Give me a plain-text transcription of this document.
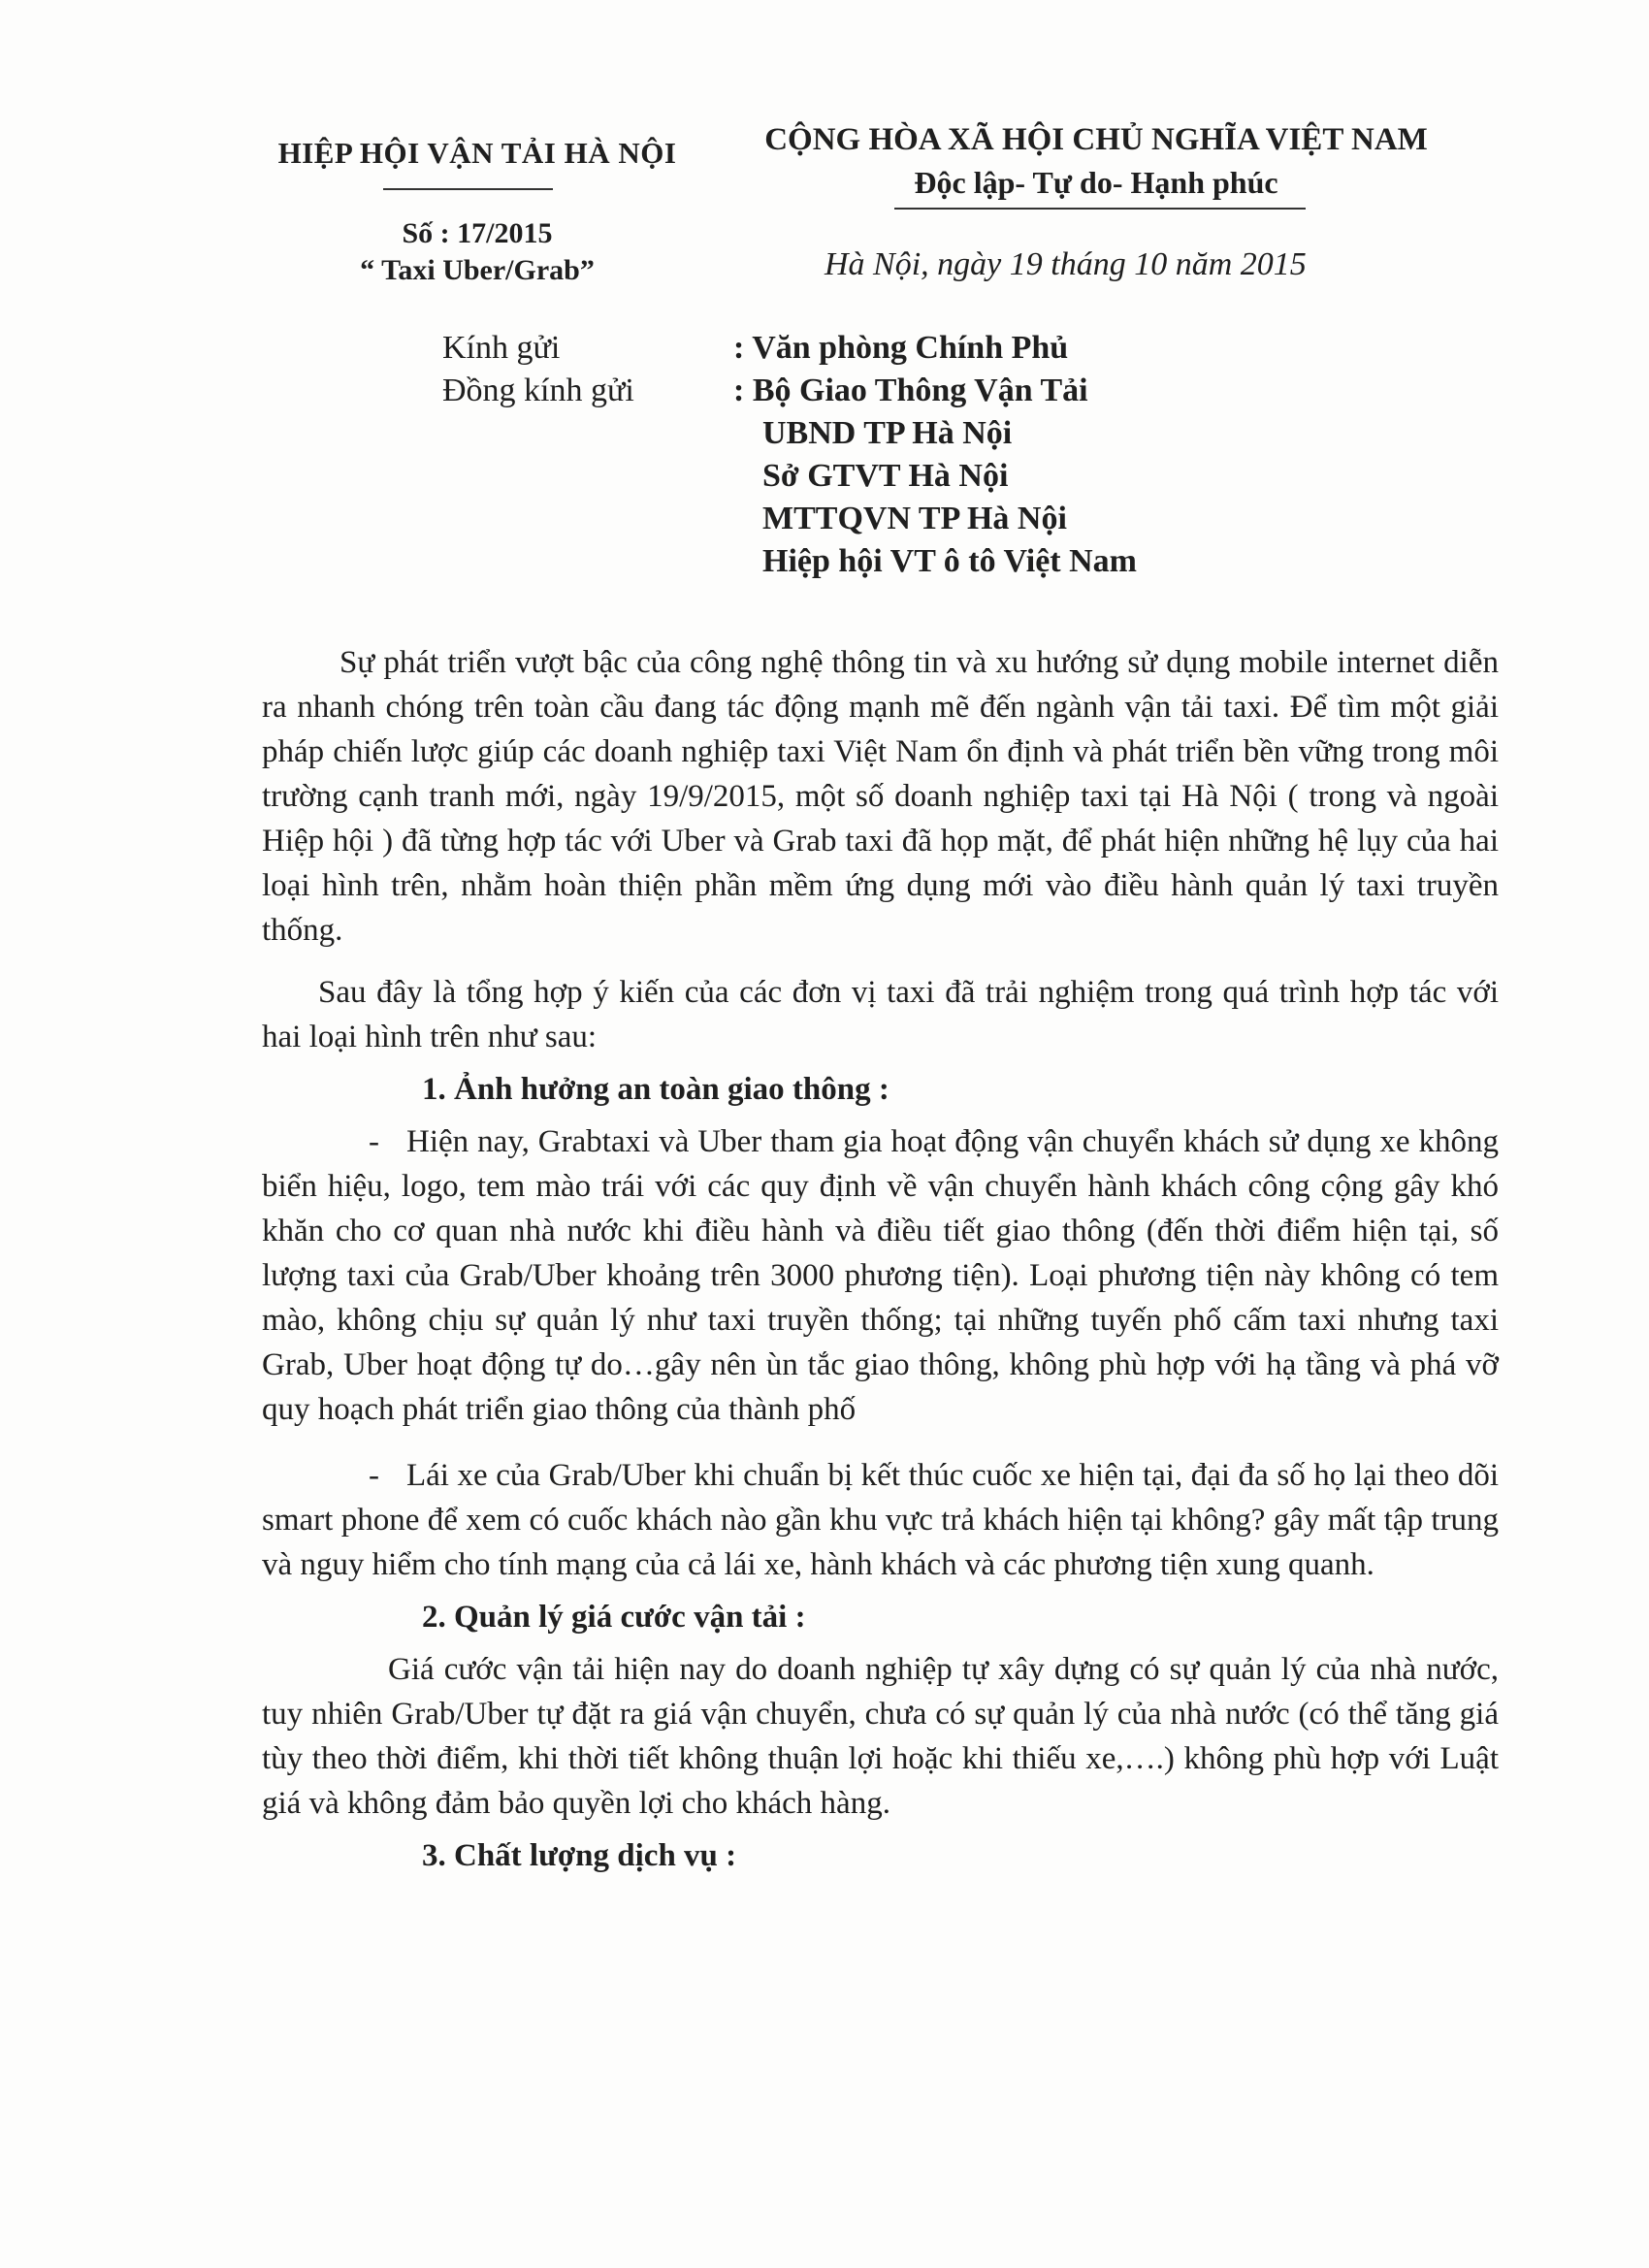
HIỆP HỘI VẬN TẢI HÀ NỘI
Số : 17/2015
“ Taxi Uber/Grab”
CỘNG HÒA XÃ HỘI CHỦ NGHĨA VIỆT NAM
Độc lập- Tự do- Hạnh phúc
Hà Nội, ngày 19 tháng 10 năm 2015
Kính gửi	: Văn phòng Chính Phủ
Đồng kính gửi	: Bộ Giao Thông Vận Tải
UBND TP Hà Nội
Sở GTVT Hà Nội
MTTQVN TP Hà Nội
Hiệp hội VT ô tô Việt Nam

Sự phát triển vượt bậc của công nghệ thông tin và xu hướng sử dụng mobile internet diễn ra nhanh chóng trên toàn cầu đang tác động mạnh mẽ đến ngành vận tải taxi. Để tìm một giải pháp chiến lược giúp các doanh nghiệp taxi Việt Nam ổn định và phát triển bền vững trong môi trường cạnh tranh mới, ngày 19/9/2015, một số doanh nghiệp taxi tại Hà Nội ( trong và ngoài Hiệp hội ) đã từng hợp tác với Uber và Grab taxi đã họp mặt, để phát hiện những hệ lụy của hai loại hình trên, nhằm hoàn thiện phần mềm ứng dụng mới vào điều hành quản lý taxi truyền thống.

Sau đây là tổng hợp ý kiến của các đơn vị taxi đã trải nghiệm trong quá trình hợp tác với hai loại hình trên như sau:

1. Ảnh hưởng an toàn giao thông :

- Hiện nay, Grabtaxi và Uber tham gia hoạt động vận chuyển khách sử dụng xe không biển hiệu, logo, tem mào trái với các quy định về vận chuyển hành khách công cộng gây khó khăn cho cơ quan nhà nước khi điều hành và điều tiết giao thông (đến thời điểm hiện tại, số lượng taxi của Grab/Uber khoảng trên 3000 phương tiện). Loại phương tiện này không có tem mào, không chịu sự quản lý như taxi truyền thống; tại những tuyến phố cấm taxi nhưng taxi Grab, Uber hoạt động tự do…gây nên ùn tắc giao thông, không phù hợp với hạ tầng và phá vỡ quy hoạch phát triển giao thông của thành phố

- Lái xe của Grab/Uber khi chuẩn bị kết thúc cuốc xe hiện tại, đại đa số họ lại theo dõi smart phone để xem có cuốc khách nào gần khu vực trả khách hiện tại không? gây mất tập trung và nguy hiểm cho tính mạng của cả lái xe, hành khách và các phương tiện xung quanh.

2. Quản lý giá cước vận tải :

Giá cước vận tải hiện nay do doanh nghiệp tự xây dựng có sự quản lý của nhà nước, tuy nhiên Grab/Uber tự đặt ra giá vận chuyển, chưa có sự quản lý của nhà nước (có thể tăng giá tùy theo thời điểm, khi thời tiết không thuận lợi hoặc khi thiếu xe,….) không phù hợp với Luật giá và không đảm bảo quyền lợi cho khách hàng.

3. Chất lượng dịch vụ :
